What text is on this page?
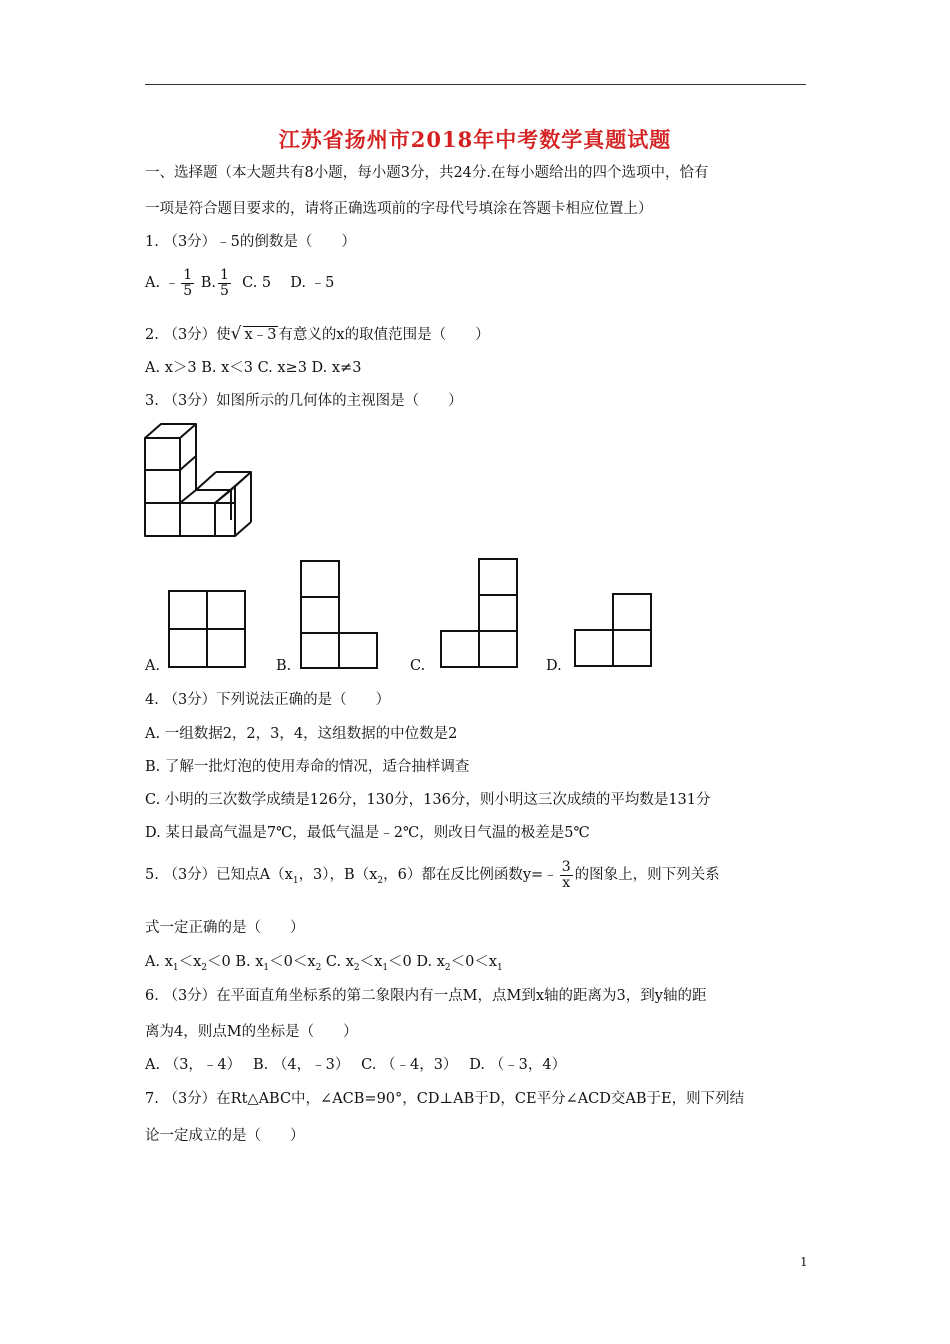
江苏省扬州市2018年中考数学真题试题
一、选择题（本大题共有8小题，每小题3分，共24分.在每小题给出的四个选项中，恰有
一项是符合题目要求的，请将正确选项前的字母代号填涂在答题卡相应位置上）
1. （3分）﹣5的倒数是（　　）
A. ﹣ $\frac{1}{5} B$. $\frac{1}{5} C$. 5　 D. ﹣5
2. （3分）使√ x﹣3 有意义的x的取值范围是（　　）
A. x＞3 B. x＜3 C. x≥3 D. x≠3
3. （3分）如图所示的几何体的主视图是（　　）
A.	B.	C.	D.
4. （3分）下列说法正确的是（　　）
A. 一组数据2，2，3，4，这组数据的中位数是2
B. 了解一批灯泡的使用寿命的情况，适合抽样调查
C. 小明的三次数学成绩是126分，130分，136分，则小明这三次成绩的平均数是131分
D. 某日最高气温是7℃，最低气温是﹣2℃，则改日气温的极差是5℃
5. （3分）已知点$A(x_1$，3），$B(x_2$，6）都在反比例函数y=﹣ $\frac{3}{x}$ 的图象上，则下列关系
式一定正确的是（　　）
A. $x_1<x_2<0$ B. $x_1<0<x_2$ C. $x_2<x_1<0$ D. $x_2<0<x_1$
6. （3分）在平面直角坐标系的第二象限内有一点M，点M到x轴的距离为3，到y轴的距
离为4，则点M的坐标是（　　）
A. （3，﹣4）　 B. （4，﹣3）　 C. （﹣4，3）　 D. （﹣3，4）
7. （3分）在Rt△ABC中，∠ACB=90°，CD⊥AB于D，CE平分∠ACD交AB于E，则下列结
论一定成立的是（　　）
1
